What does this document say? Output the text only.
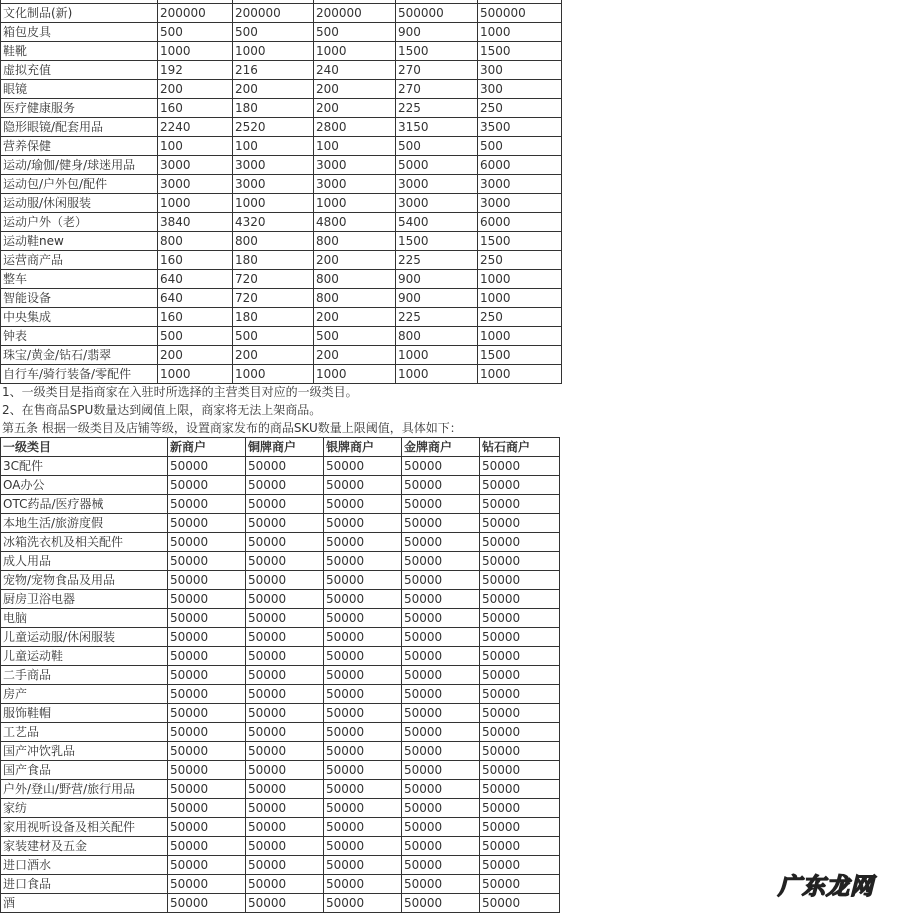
文化制品(新)	200000	200000	200000	500000	500000
箱包皮具	500	500	500	900	1000
鞋靴	1000	1000	1000	1500	1500
虚拟充值	192	216	240	270	300
眼镜	200	200	200	270	300
医疗健康服务	160	180	200	225	250
隐形眼镜/配套用品	2240	2520	2800	3150	3500
营养保健	100	100	100	500	500
运动/瑜伽/健身/球迷用品	3000	3000	3000	5000	6000
运动包/户外包/配件	3000	3000	3000	3000	3000
运动服/休闲服装	1000	1000	1000	3000	3000
运动户外（老）	3840	4320	4800	5400	6000
运动鞋new	800	800	800	1500	1500
运营商产品	160	180	200	225	250
整车	640	720	800	900	1000
智能设备	640	720	800	900	1000
中央集成	160	180	200	225	250
钟表	500	500	500	800	1000
珠宝/黄金/钻石/翡翠	200	200	200	1000	1500
自行车/骑行装备/零配件	1000	1000	1000	1000	1000
1、一级类目是指商家在入驻时所选择的主营类目对应的一级类目。
2、在售商品SPU数量达到阈值上限，商家将无法上架商品。
第五条 根据一级类目及店铺等级，设置商家发布的商品SKU数量上限阈值，具体如下：
一级类目	新商户	铜牌商户	银牌商户	金牌商户	钻石商户
3C配件	50000	50000	50000	50000	50000
OA办公	50000	50000	50000	50000	50000
OTC药品/医疗器械	50000	50000	50000	50000	50000
本地生活/旅游度假	50000	50000	50000	50000	50000
冰箱洗衣机及相关配件	50000	50000	50000	50000	50000
成人用品	50000	50000	50000	50000	50000
宠物/宠物食品及用品	50000	50000	50000	50000	50000
厨房卫浴电器	50000	50000	50000	50000	50000
电脑	50000	50000	50000	50000	50000
儿童运动服/休闲服装	50000	50000	50000	50000	50000
儿童运动鞋	50000	50000	50000	50000	50000
二手商品	50000	50000	50000	50000	50000
房产	50000	50000	50000	50000	50000
服饰鞋帽	50000	50000	50000	50000	50000
工艺品	50000	50000	50000	50000	50000
国产冲饮乳品	50000	50000	50000	50000	50000
国产食品	50000	50000	50000	50000	50000
户外/登山/野营/旅行用品	50000	50000	50000	50000	50000
家纺	50000	50000	50000	50000	50000
家用视听设备及相关配件	50000	50000	50000	50000	50000
家装建材及五金	50000	50000	50000	50000	50000
进口酒水	50000	50000	50000	50000	50000
进口食品	50000	50000	50000	50000	50000
酒	50000	50000	50000	50000	50000
广东龙网
